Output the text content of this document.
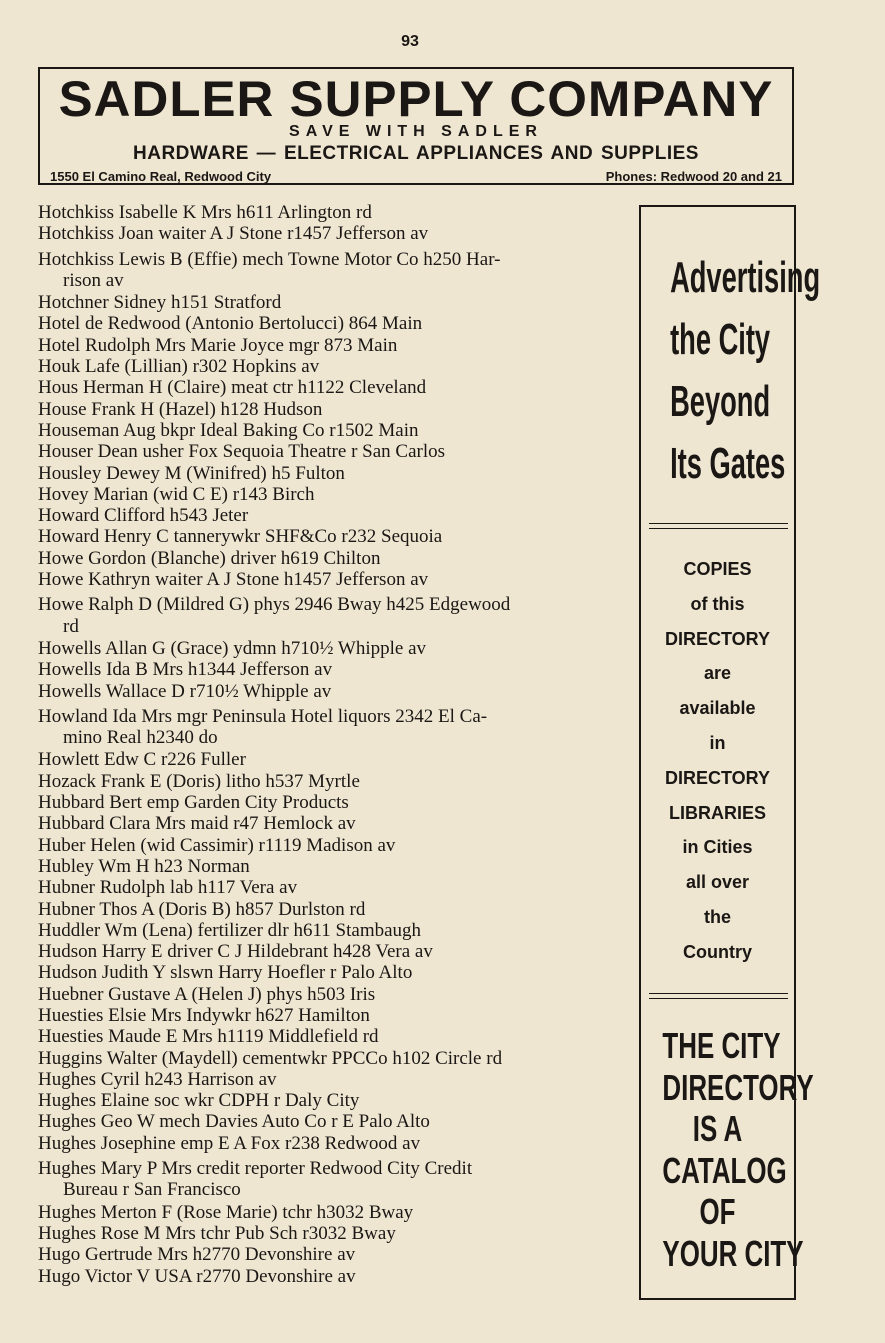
93
SADLER SUPPLY COMPANY
SAVE WITH SADLER
HARDWARE — ELECTRICAL APPLIANCES AND SUPPLIES
1550 El Camino Real, Redwood City	Phones: Redwood 20 and 21
Hotchkiss Isabelle K Mrs h611 Arlington rd
Hotchkiss Joan waiter A J Stone r1457 Jefferson av
Hotchkiss Lewis B (Effie) mech Towne Motor Co h250 Har-
rison av
Hotchner Sidney h151 Stratford
Hotel de Redwood (Antonio Bertolucci) 864 Main
Hotel Rudolph Mrs Marie Joyce mgr 873 Main
Houk Lafe (Lillian) r302 Hopkins av
Hous Herman H (Claire) meat ctr h1122 Cleveland
House Frank H (Hazel) h128 Hudson
Houseman Aug bkpr Ideal Baking Co r1502 Main
Houser Dean usher Fox Sequoia Theatre r San Carlos
Housley Dewey M (Winifred) h5 Fulton
Hovey Marian (wid C E) r143 Birch
Howard Clifford h543 Jeter
Howard Henry C tannerywkr SHF&Co r232 Sequoia
Howe Gordon (Blanche) driver h619 Chilton
Howe Kathryn waiter A J Stone h1457 Jefferson av
Howe Ralph D (Mildred G) phys 2946 Bway h425 Edgewood
rd
Howells Allan G (Grace) ydmn h710½ Whipple av
Howells Ida B Mrs h1344 Jefferson av
Howells Wallace D r710½ Whipple av
Howland Ida Mrs mgr Peninsula Hotel liquors 2342 El Ca-
mino Real h2340 do
Howlett Edw C r226 Fuller
Hozack Frank E (Doris) litho h537 Myrtle
Hubbard Bert emp Garden City Products
Hubbard Clara Mrs maid r47 Hemlock av
Huber Helen (wid Cassimir) r1119 Madison av
Hubley Wm H h23 Norman
Hubner Rudolph lab h117 Vera av
Hubner Thos A (Doris B) h857 Durlston rd
Huddler Wm (Lena) fertilizer dlr h611 Stambaugh
Hudson Harry E driver C J Hildebrant h428 Vera av
Hudson Judith Y slswn Harry Hoefler r Palo Alto
Huebner Gustave A (Helen J) phys h503 Iris
Huesties Elsie Mrs Indywkr h627 Hamilton
Huesties Maude E Mrs h1119 Middlefield rd
Huggins Walter (Maydell) cementwkr PPCCo h102 Circle rd
Hughes Cyril h243 Harrison av
Hughes Elaine soc wkr CDPH r Daly City
Hughes Geo W mech Davies Auto Co r E Palo Alto
Hughes Josephine emp E A Fox r238 Redwood av
Hughes Mary P Mrs credit reporter Redwood City Credit
Bureau r San Francisco
Hughes Merton F (Rose Marie) tchr h3032 Bway
Hughes Rose M Mrs tchr Pub Sch r3032 Bway
Hugo Gertrude Mrs h2770 Devonshire av
Hugo Victor V USA r2770 Devonshire av
Advertising
the City
Beyond
Its Gates
COPIES
of this
DIRECTORY
are
available
in
DIRECTORY
LIBRARIES
in Cities
all over
the
Country
THE CITY
DIRECTORY
IS A
CATALOG
OF
YOUR CITY
